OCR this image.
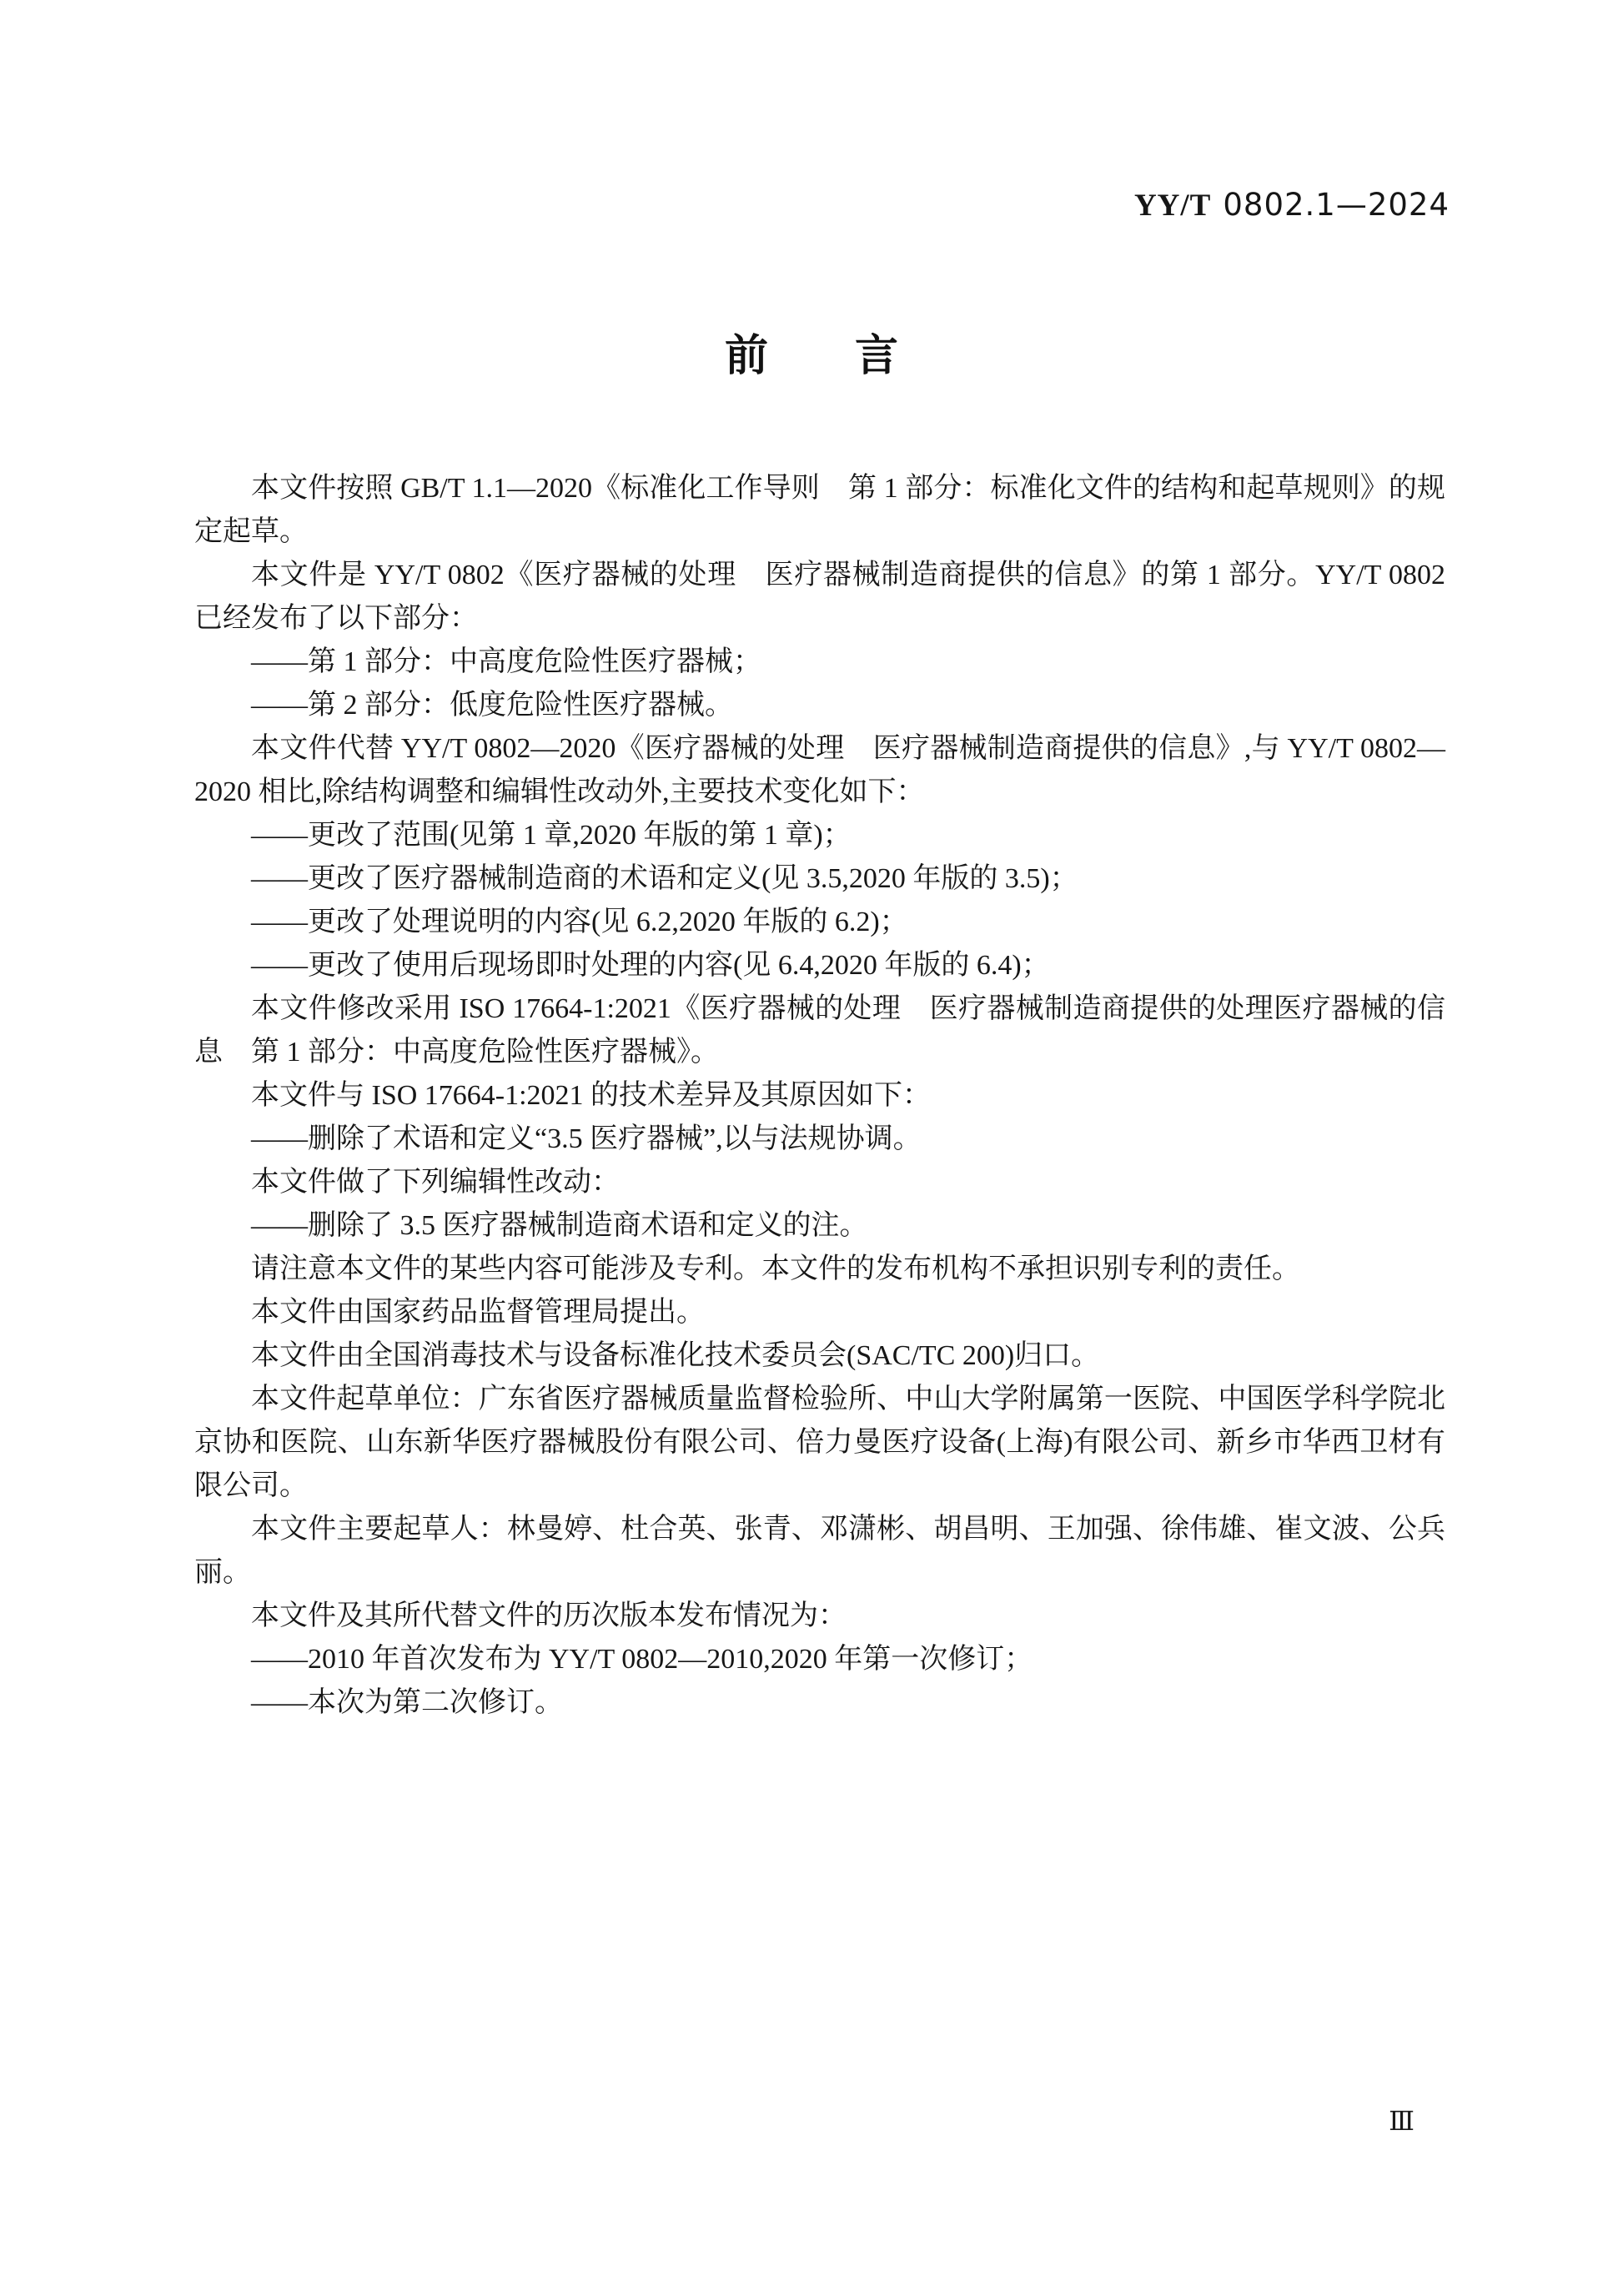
YY/T 0802.1—2024
前　　言

本文件按照 GB/T 1.1—2020《标准化工作导则　第 1 部分：标准化文件的结构和起草规则》的规定起草。

本文件是 YY/T 0802《医疗器械的处理　医疗器械制造商提供的信息》的第 1 部分。YY/T 0802 已经发布了以下部分：

——第 1 部分：中高度危险性医疗器械；

——第 2 部分：低度危险性医疗器械。

本文件代替 YY/T 0802—2020《医疗器械的处理　医疗器械制造商提供的信息》,与 YY/T 0802—2020 相比,除结构调整和编辑性改动外,主要技术变化如下：

——更改了范围(见第 1 章,2020 年版的第 1 章)；

——更改了医疗器械制造商的术语和定义(见 3.5,2020 年版的 3.5)；

——更改了处理说明的内容(见 6.2,2020 年版的 6.2)；

——更改了使用后现场即时处理的内容(见 6.4,2020 年版的 6.4)；

本文件修改采用 ISO 17664-1:2021《医疗器械的处理　医疗器械制造商提供的处理医疗器械的信息　第 1 部分：中高度危险性医疗器械》。

本文件与 ISO 17664-1:2021 的技术差异及其原因如下：

——删除了术语和定义“3.5 医疗器械”,以与法规协调。

本文件做了下列编辑性改动：

——删除了 3.5 医疗器械制造商术语和定义的注。

请注意本文件的某些内容可能涉及专利。本文件的发布机构不承担识别专利的责任。

本文件由国家药品监督管理局提出。

本文件由全国消毒技术与设备标准化技术委员会(SAC/TC 200)归口。

本文件起草单位：广东省医疗器械质量监督检验所、中山大学附属第一医院、中国医学科学院北京协和医院、山东新华医疗器械股份有限公司、倍力曼医疗设备(上海)有限公司、新乡市华西卫材有限公司。

本文件主要起草人：林曼婷、杜合英、张青、邓潇彬、胡昌明、王加强、徐伟雄、崔文波、公兵丽。

本文件及其所代替文件的历次版本发布情况为：

——2010 年首次发布为 YY/T 0802—2010,2020 年第一次修订；

——本次为第二次修订。

Ⅲ
